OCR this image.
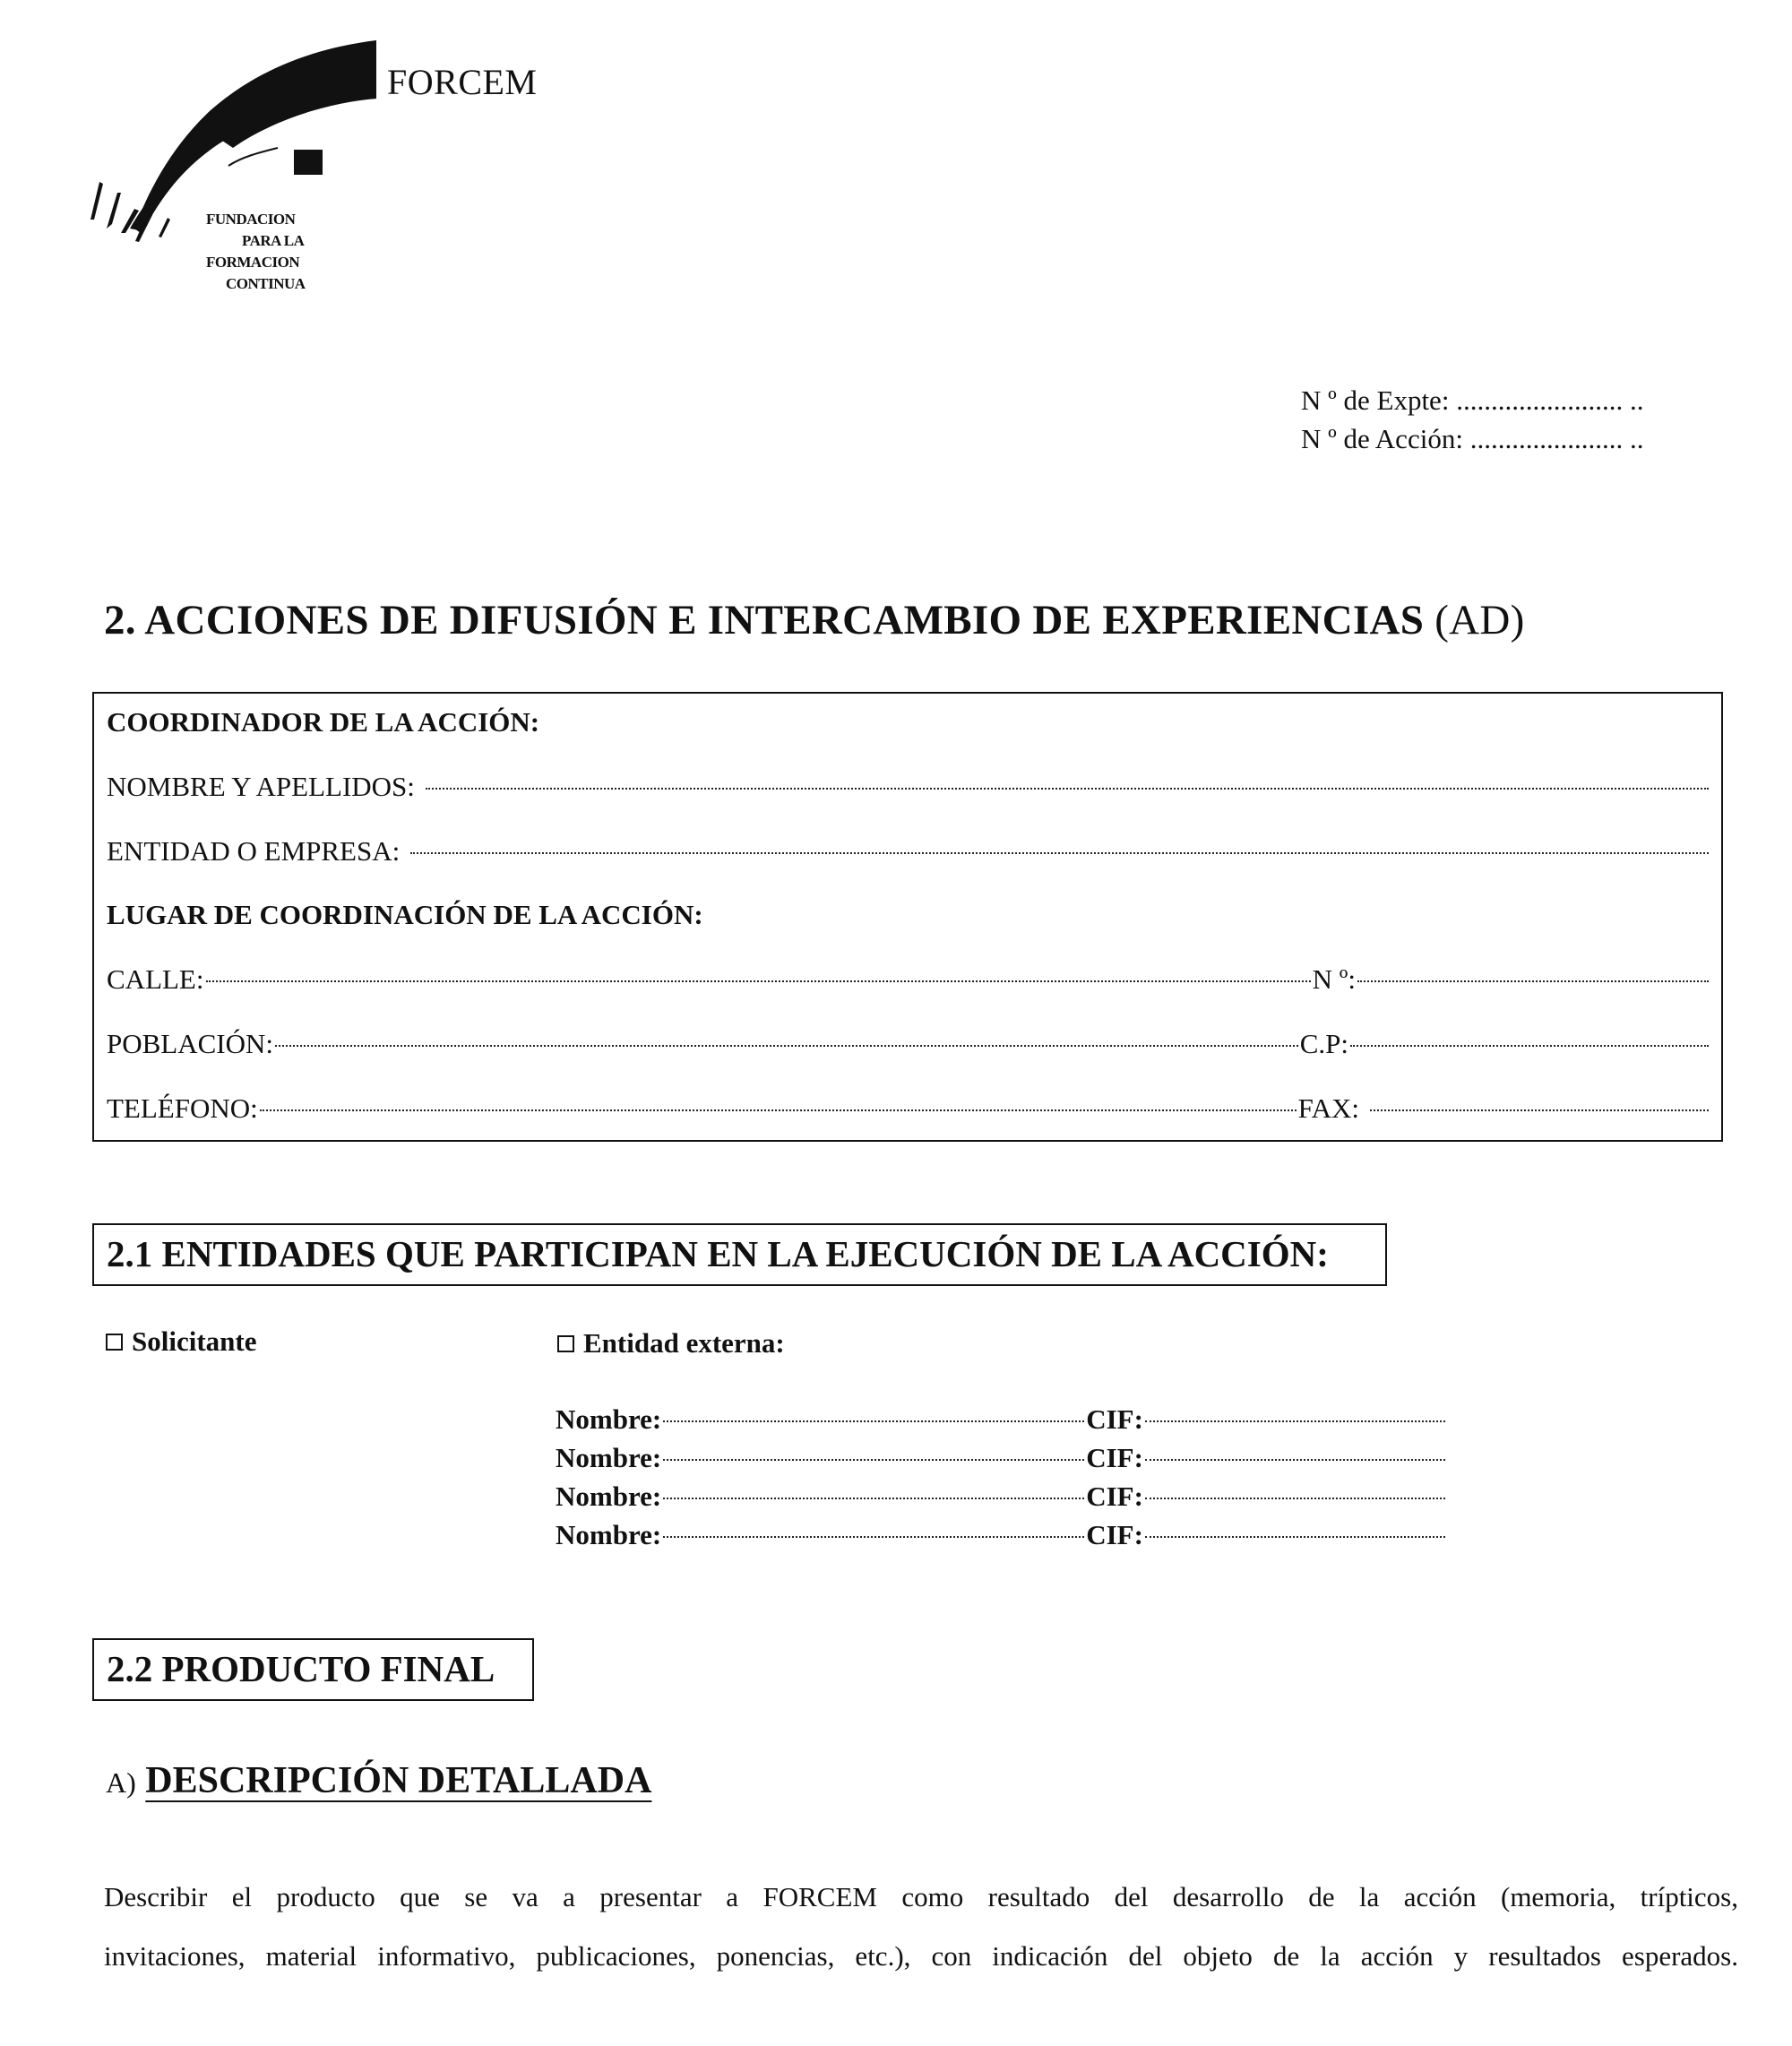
FORCEM
FUNDACION
PARA LA
FORMACION
CONTINUA
N º de Expte: ........................ ..
N º de Acción: ...................... ..
2. ACCIONES DE DIFUSIÓN E INTERCAMBIO DE EXPERIENCIAS (AD)
COORDINADOR DE LA ACCIÓN:
NOMBRE Y APELLIDOS:
ENTIDAD O EMPRESA:
LUGAR DE COORDINACIÓN DE LA ACCIÓN:
CALLE:	N º:
POBLACIÓN:	C.P:
TELÉFONO:	FAX:
2.1 ENTIDADES QUE PARTICIPAN EN LA EJECUCIÓN DE LA ACCIÓN:
Solicitante	Entidad externa:
Nombre:	CIF:
Nombre:	CIF:
Nombre:	CIF:
Nombre:	CIF:
2.2 PRODUCTO FINAL
A) DESCRIPCIÓN DETALLADA
Describir el producto que se va a presentar a FORCEM como resultado del desarrollo de la acción (memoria, trípticos,
invitaciones, material informativo, publicaciones, ponencias, etc.), con indicación del objeto de la acción y resultados esperados.
